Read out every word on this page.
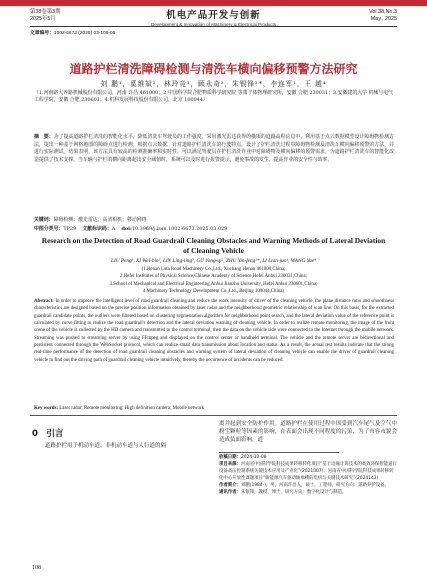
第38卷第3期
2025年5月	机电产品开发与创新
Development & Innovation of Machinery & Electrical Products
Vol.38,No.3
May., 2025
文章编号：1002-6673 (2025) 03-108-05
道路护栏清洗障碍检测与清洗车横向偏移预警方法研究
刘 鹏¹，奚维斌²，林玲竞³，顾永奇²，朱银锋²*，李连军¹，王 越⁴
（1.河南路大养路机械股份有限公司，河南 许昌 461000；2.中国科学院合肥物质科学研究院 等离子体物理研究所，安徽 合肥 230031；3.安徽建筑大学 机械与电气工程学院，安徽 合肥 230601；4.机科发展科技股份有限公司，北京 100044）
摘　要：为了提高道路护栏清洗的智能化水平，降低清洗车驾驶员的工作强度，采用激光雷达获得的橫項的道路高程信息中，利用基于点云数据模型设计障碍物检测方法，提出一种基于网格地图的障碍点进行检测。根据点云数据，针对道路护栏清洗车的行驶特点，设计了护栏清洗过程中障碍物检测及清洗车横向偏移预警的方法，并进行实际测试。结果表明，该方法具有较高的检测准确率和实时性，可以满足驾驶员在护栏清洗作业中对障碍物及横向偏移的预警需求，为道路护栏清洗车的智能化改造提供了技术支撑。当车辆与护栏的横向距离超出安全阈值时，系统可以及时进行报警提示，避免事故的发生，提高作业的安全性与效率。
关键词：障碍检测；激光雷达；高清相机；移动网络
中图分类号：TP29 文献标识码：A doi:10.3969/j.issn.1002-6673.2025.03.029
Research on the Detection of Road Guardrail Cleaning Obstacles and Warning Methods of Lateral Deviation of Cleaning Vehicle
LIU Peng¹, XI Wei-bin², LIN Ling-ling³, GU Yong-qi², ZHU Yin-feng²*, LI Lian-jun¹, WANG Yue⁴
(1.Henan Luta Road Machinery Co.,Ltd., Xuchang Henan 461000,China;
2.Hefei Institutes of Physical Science,Chinese Academy of Science,Hefei Anhui 230031,China;
3.School of Mechanical and Electrical Engineering,Anhui Jianzhu University, Hefei Anhui 230601,China;
4.Machinery Technology Development Co.,Ltd., Beijing 100044,China)
Abstract: In order to improve the intelligent level of road guardrail cleaning and reduce the work intensity of driver of the cleaning vehicle, the plane distance ratio and smoothness characteristics are designed based on the precise position information obtained by laser radar and the neighborhood geometric relationship of scan line. On this basis, for the extracted guardrail candidate points, the outliers were filtered based on clustering segmentation algorithm for neighborhood point search, and the lateral deviation value of the reference point is calculated by curve fitting to realize the road guardrail's detection and the lateral deviation warning of cleaning vehicle. In order to realize remote monitoring, the image of the front scene of the vehicle is collected by the HD camera and transmitted to the control terminal, then the data on the vehicle side were connected to the Internet through the mobile network. Streaming was pushed to streaming server by using FFmpeg and displayed on the control center or handheld terminal. The vehicle and the remote server are bidirectional and persistent connected through the WebSocket protocol, which can realize small data transmission about location and status. As a result, the actual test results indicate that the strong real-time performance of the detection of road guardrail cleaning obstacles and warning system of lateral deviation of cleaning vehicle can enable the driver of guardrail cleaning vehicle to find out the driving path of guardrail cleaning vehicle intuitively, thereby the occurrence of accidents can be reduced.
Key words: Laser radar; Remote monitoring; High definition camera; Mobile network
0　引言
道路护栏用于机动车道、非机动车道与人行道的隔
离并起到安全防护作用。道路护栏在使用过程中因受到汽车尾气及空气中粉尘颗粒等因素的影响，在表面会出现不同程度的污染，为了市容市貌会造成负面影响，道
收稿日期：2024-10-08
项目来源：河南省中国科学院科技成果转移转化项目“基于边缘计算技术的高效环保智能道行设备高压控制系统关键技术应用及产业化”(2021007)；河南省中国科学院科技成果转移转化中心开放性课题项目“新能源汽车驱动轴承横的电机与关键技术研究”(2024143)
作者简介：刘鹏(1984-)，男，河南许昌人，硕士，工程师，研究方向：道路养护设备。
通讯作者：朱银锋，教授，博士，研究方向：数字化设计与制造。
108
